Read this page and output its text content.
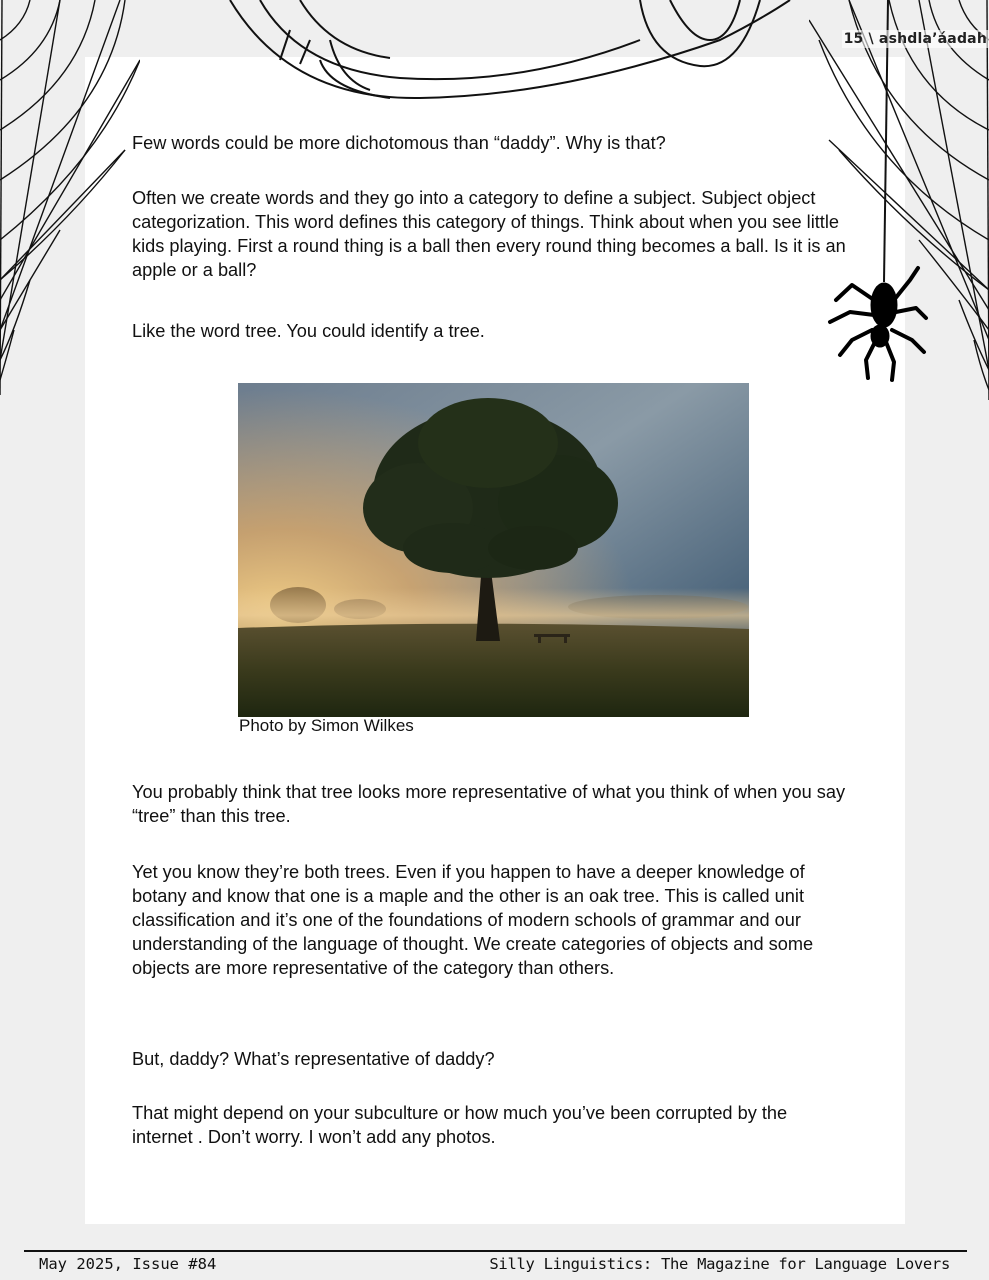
15 \ ashdla’áadah

Few words could be more dichotomous than “daddy”. Why is that?

Often we create words and they go into a category to define a subject. Subject object categorization. This word defines this category of things. Think about when you see little kids playing. First a round thing is a ball then every round thing becomes a ball. Is it is an apple or a ball?

Like the word tree. You could identify a tree.

Photo by Simon Wilkes

You probably think that tree looks more representative of what you think of when you say “tree” than this tree.

Yet you know they’re both trees. Even if you happen to have a deeper knowledge of botany and know that one is a maple and the other is an oak tree. This is called unit classification and it’s one of the foundations of modern schools of grammar and our understanding of the language of thought. We create categories of objects and some objects are more representative of the category than others.

But, daddy? What’s representative of daddy?

That might depend on your subculture or how much you’ve been corrupted by the internet . Don’t worry. I won’t add any photos.

May 2025, Issue #84	Silly Linguistics: The Magazine for Language Lovers
